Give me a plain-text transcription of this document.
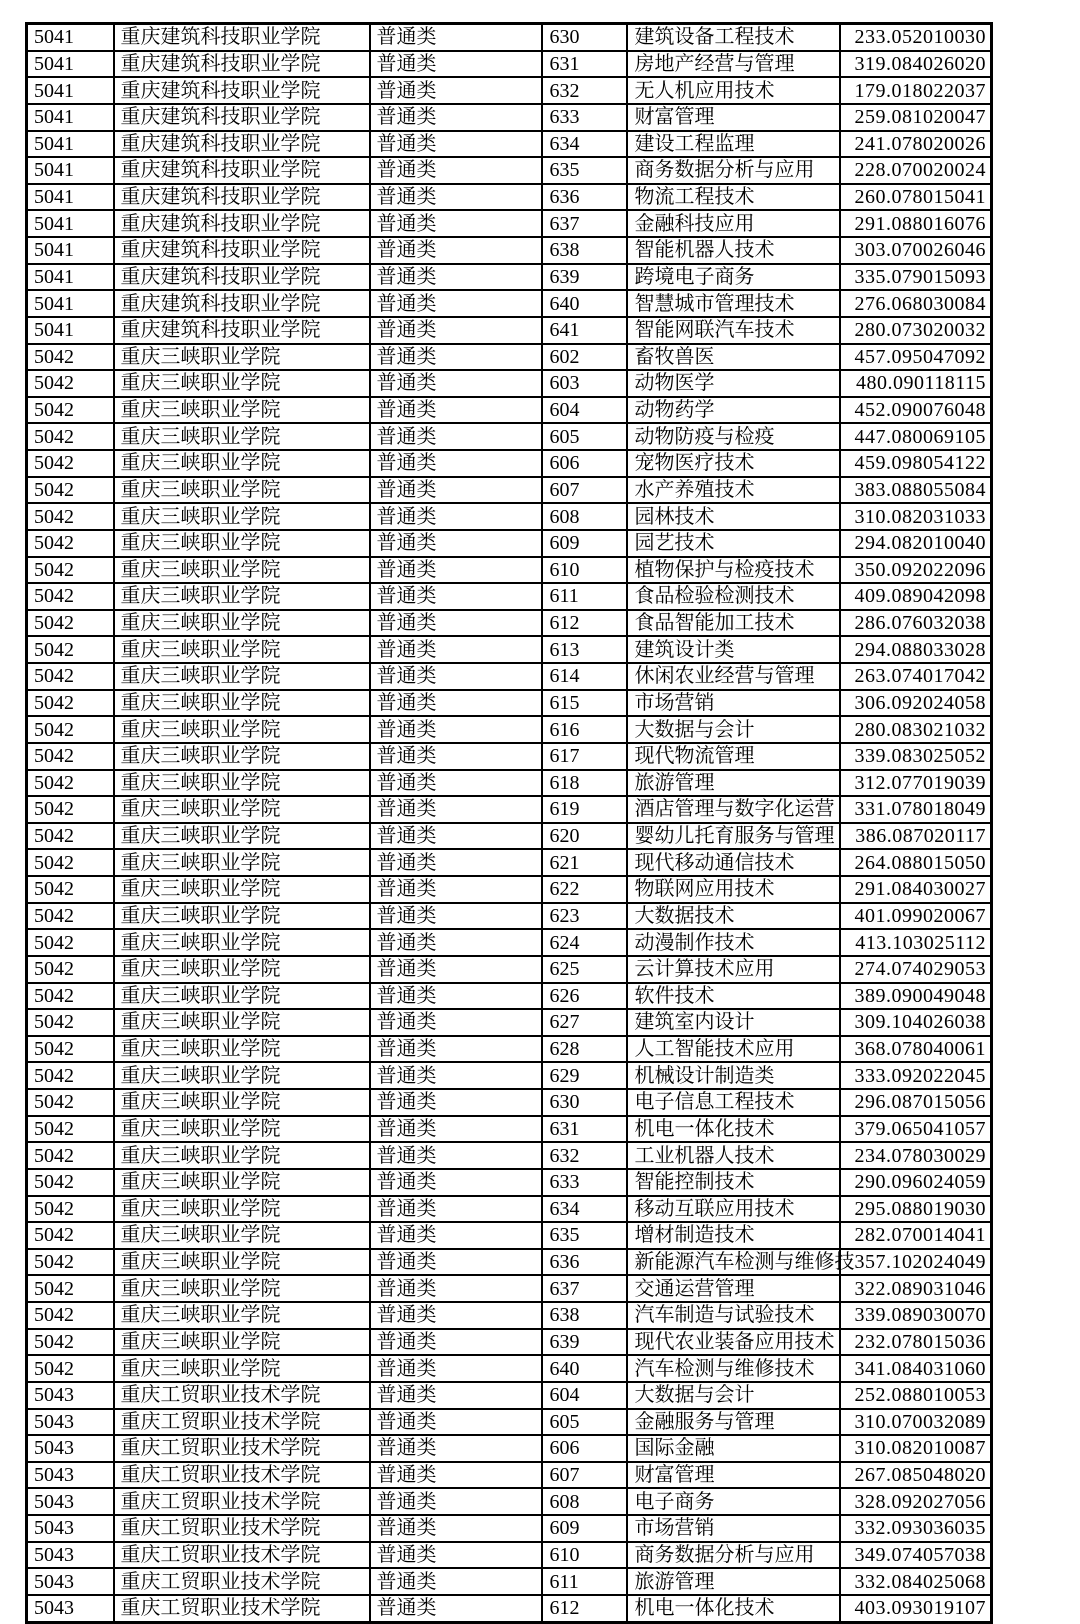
5041	重庆建筑科技职业学院	普通类	630	建筑设备工程技术	233.052010030
5041	重庆建筑科技职业学院	普通类	631	房地产经营与管理	319.084026020
5041	重庆建筑科技职业学院	普通类	632	无人机应用技术	179.018022037
5041	重庆建筑科技职业学院	普通类	633	财富管理	259.081020047
5041	重庆建筑科技职业学院	普通类	634	建设工程监理	241.078020026
5041	重庆建筑科技职业学院	普通类	635	商务数据分析与应用	228.070020024
5041	重庆建筑科技职业学院	普通类	636	物流工程技术	260.078015041
5041	重庆建筑科技职业学院	普通类	637	金融科技应用	291.088016076
5041	重庆建筑科技职业学院	普通类	638	智能机器人技术	303.070026046
5041	重庆建筑科技职业学院	普通类	639	跨境电子商务	335.079015093
5041	重庆建筑科技职业学院	普通类	640	智慧城市管理技术	276.068030084
5041	重庆建筑科技职业学院	普通类	641	智能网联汽车技术	280.073020032
5042	重庆三峡职业学院	普通类	602	畜牧兽医	457.095047092
5042	重庆三峡职业学院	普通类	603	动物医学	480.090118115
5042	重庆三峡职业学院	普通类	604	动物药学	452.090076048
5042	重庆三峡职业学院	普通类	605	动物防疫与检疫	447.080069105
5042	重庆三峡职业学院	普通类	606	宠物医疗技术	459.098054122
5042	重庆三峡职业学院	普通类	607	水产养殖技术	383.088055084
5042	重庆三峡职业学院	普通类	608	园林技术	310.082031033
5042	重庆三峡职业学院	普通类	609	园艺技术	294.082010040
5042	重庆三峡职业学院	普通类	610	植物保护与检疫技术	350.092022096
5042	重庆三峡职业学院	普通类	611	食品检验检测技术	409.089042098
5042	重庆三峡职业学院	普通类	612	食品智能加工技术	286.076032038
5042	重庆三峡职业学院	普通类	613	建筑设计类	294.088033028
5042	重庆三峡职业学院	普通类	614	休闲农业经营与管理	263.074017042
5042	重庆三峡职业学院	普通类	615	市场营销	306.092024058
5042	重庆三峡职业学院	普通类	616	大数据与会计	280.083021032
5042	重庆三峡职业学院	普通类	617	现代物流管理	339.083025052
5042	重庆三峡职业学院	普通类	618	旅游管理	312.077019039
5042	重庆三峡职业学院	普通类	619	酒店管理与数字化运营	331.078018049
5042	重庆三峡职业学院	普通类	620	婴幼儿托育服务与管理	386.087020117
5042	重庆三峡职业学院	普通类	621	现代移动通信技术	264.088015050
5042	重庆三峡职业学院	普通类	622	物联网应用技术	291.084030027
5042	重庆三峡职业学院	普通类	623	大数据技术	401.099020067
5042	重庆三峡职业学院	普通类	624	动漫制作技术	413.103025112
5042	重庆三峡职业学院	普通类	625	云计算技术应用	274.074029053
5042	重庆三峡职业学院	普通类	626	软件技术	389.090049048
5042	重庆三峡职业学院	普通类	627	建筑室内设计	309.104026038
5042	重庆三峡职业学院	普通类	628	人工智能技术应用	368.078040061
5042	重庆三峡职业学院	普通类	629	机械设计制造类	333.092022045
5042	重庆三峡职业学院	普通类	630	电子信息工程技术	296.087015056
5042	重庆三峡职业学院	普通类	631	机电一体化技术	379.065041057
5042	重庆三峡职业学院	普通类	632	工业机器人技术	234.078030029
5042	重庆三峡职业学院	普通类	633	智能控制技术	290.096024059
5042	重庆三峡职业学院	普通类	634	移动互联应用技术	295.088019030
5042	重庆三峡职业学院	普通类	635	增材制造技术	282.070014041
5042	重庆三峡职业学院	普通类	636	新能源汽车检测与维修技	357.102024049
5042	重庆三峡职业学院	普通类	637	交通运营管理	322.089031046
5042	重庆三峡职业学院	普通类	638	汽车制造与试验技术	339.089030070
5042	重庆三峡职业学院	普通类	639	现代农业装备应用技术	232.078015036
5042	重庆三峡职业学院	普通类	640	汽车检测与维修技术	341.084031060
5043	重庆工贸职业技术学院	普通类	604	大数据与会计	252.088010053
5043	重庆工贸职业技术学院	普通类	605	金融服务与管理	310.070032089
5043	重庆工贸职业技术学院	普通类	606	国际金融	310.082010087
5043	重庆工贸职业技术学院	普通类	607	财富管理	267.085048020
5043	重庆工贸职业技术学院	普通类	608	电子商务	328.092027056
5043	重庆工贸职业技术学院	普通类	609	市场营销	332.093036035
5043	重庆工贸职业技术学院	普通类	610	商务数据分析与应用	349.074057038
5043	重庆工贸职业技术学院	普通类	611	旅游管理	332.084025068
5043	重庆工贸职业技术学院	普通类	612	机电一体化技术	403.093019107
